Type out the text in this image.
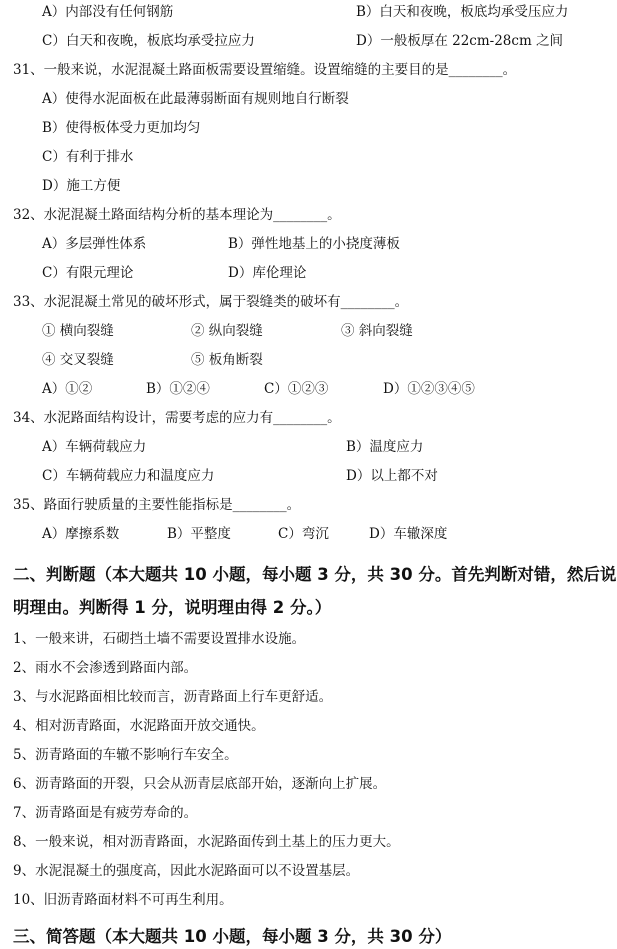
A）内部没有任何钢筋	B）白天和夜晚，板底均承受压应力
C）白天和夜晚，板底均承受拉应力	D）一般板厚在 22cm-28cm 之间
31、一般来说，水泥混凝土路面板需要设置缩缝。设置缩缝的主要目的是________。
A）使得水泥面板在此最薄弱断面有规则地自行断裂
B）使得板体受力更加均匀
C）有利于排水
D）施工方便
32、水泥混凝土路面结构分析的基本理论为________。
A）多层弹性体系	B）弹性地基上的小挠度薄板
C）有限元理论	D）库伦理论
33、水泥混凝土常见的破坏形式，属于裂缝类的破坏有________。
① 横向裂缝	② 纵向裂缝	③ 斜向裂缝
④ 交叉裂缝	⑤ 板角断裂
A）①②	B）①②④	C）①②③	D）①②③④⑤
34、水泥路面结构设计，需要考虑的应力有________。
A）车辆荷载应力	B）温度应力
C）车辆荷载应力和温度应力	D）以上都不对
35、路面行驶质量的主要性能指标是________。
A）摩擦系数	B）平整度	C）弯沉	D）车辙深度
二、判断题（本大题共 10 小题，每小题 3 分，共 30 分。首先判断对错，然后说
明理由。判断得 1 分，说明理由得 2 分。）
1、一般来讲，石砌挡土墙不需要设置排水设施。
2、雨水不会渗透到路面内部。
3、与水泥路面相比较而言，沥青路面上行车更舒适。
4、相对沥青路面，水泥路面开放交通快。
5、沥青路面的车辙不影响行车安全。
6、沥青路面的开裂，只会从沥青层底部开始，逐渐向上扩展。
7、沥青路面是有疲劳寿命的。
8、一般来说，相对沥青路面，水泥路面传到土基上的压力更大。
9、水泥混凝土的强度高，因此水泥路面可以不设置基层。
10、旧沥青路面材料不可再生利用。
三、简答题（本大题共 10 小题，每小题 3 分，共 30 分）
